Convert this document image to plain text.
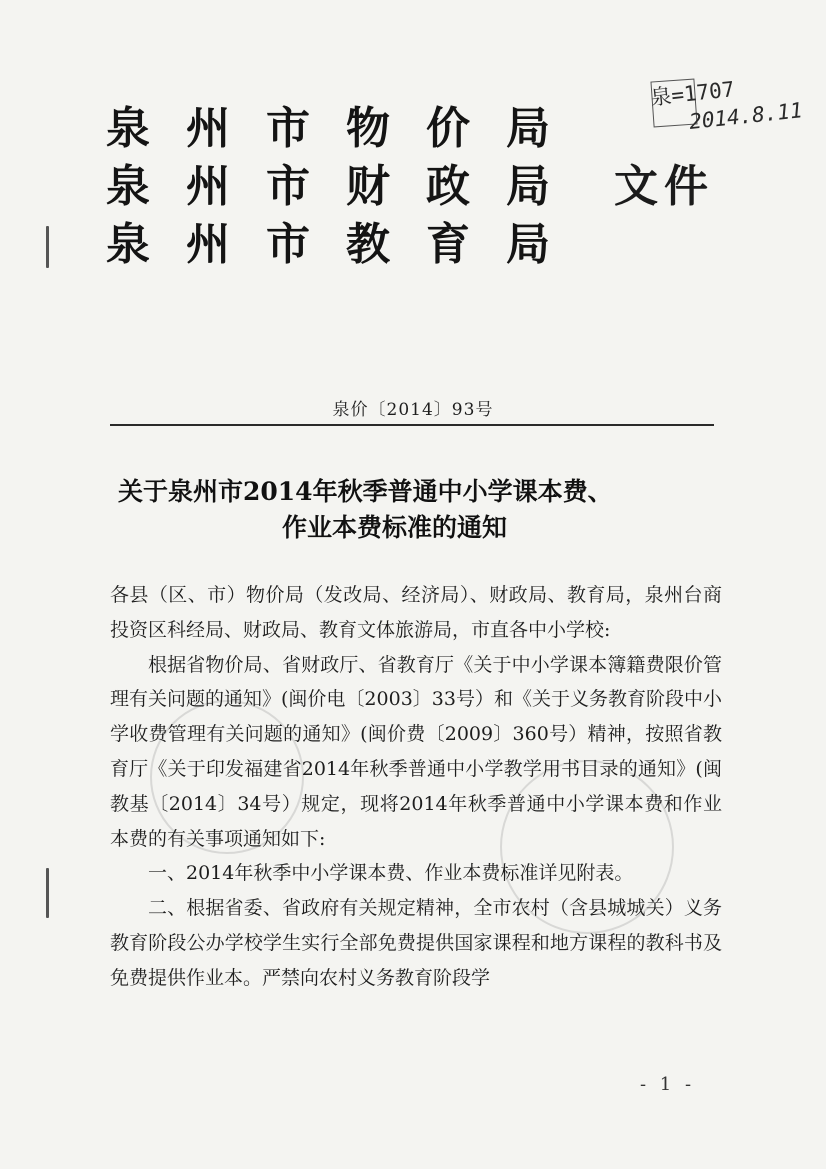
泉=1707
2014.8.11
泉 州 市 物 价 局
泉 州 市 财 政 局
泉 州 市 教 育 局
文件
泉价〔2014〕93号
关于泉州市2014年秋季普通中小学课本费、
作业本费标准的通知

各县（区、市）物价局（发改局、经济局）、财政局、教育局，泉州台商投资区科经局、财政局、教育文体旅游局，市直各中小学校:

根据省物价局、省财政厅、省教育厅《关于中小学课本簿籍费限价管理有关问题的通知》(闽价电〔2003〕33号）和《关于义务教育阶段中小学收费管理有关问题的通知》(闽价费〔2009〕360号）精神，按照省教育厅《关于印发福建省2014年秋季普通中小学教学用书目录的通知》(闽教基〔2014〕34号）规定，现将2014年秋季普通中小学课本费和作业本费的有关事项通知如下:

一、2014年秋季中小学课本费、作业本费标准详见附表。

二、根据省委、省政府有关规定精神，全市农村（含县城城关）义务教育阶段公办学校学生实行全部免费提供国家课程和地方课程的教科书及免费提供作业本。严禁向农村义务教育阶段学

- 1 -
